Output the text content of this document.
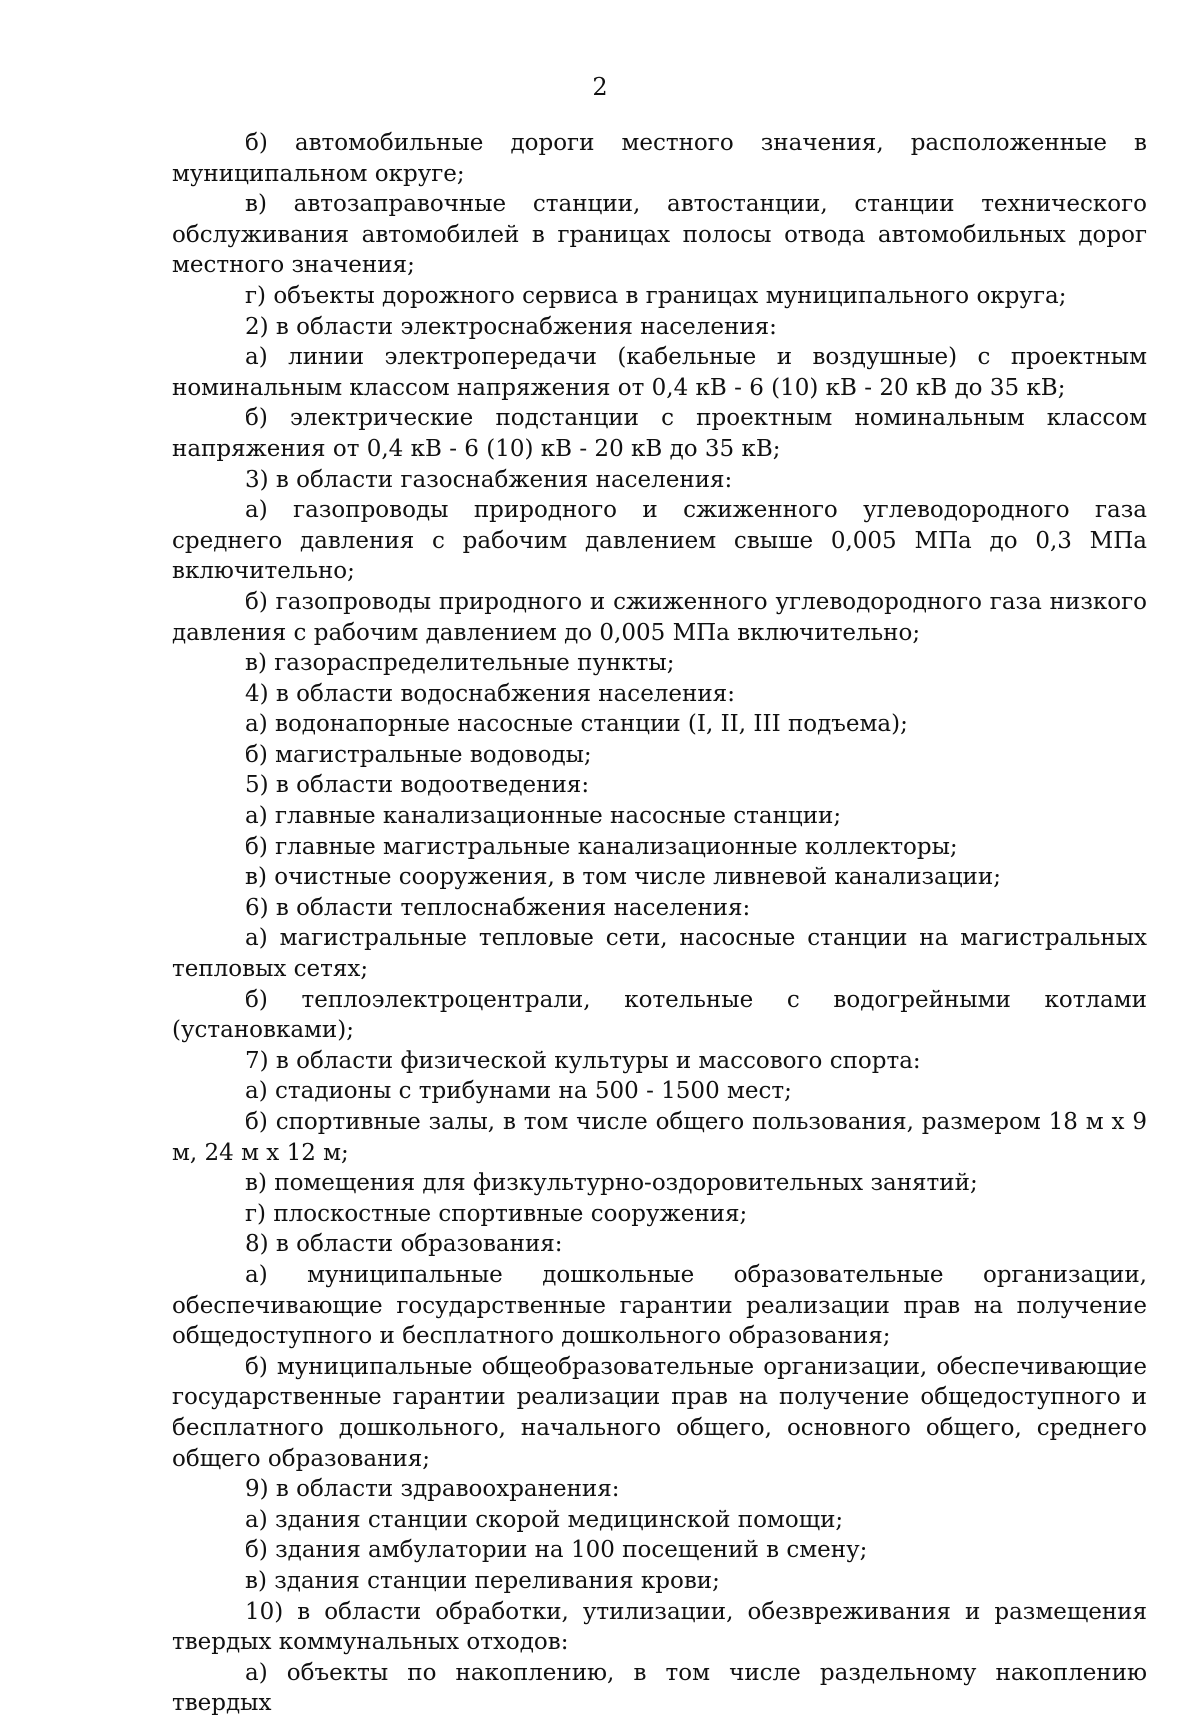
2

б) автомобильные дороги местного значения, расположенные в муниципальном округе;

в) автозаправочные станции, автостанции, станции технического обслуживания автомобилей в границах полосы отвода автомобильных дорог местного значения;

г) объекты дорожного сервиса в границах муниципального округа;

2) в области электроснабжения населения:

а) линии электропередачи (кабельные и воздушные) с проектным номинальным классом напряжения от 0,4 кВ - 6 (10) кВ - 20 кВ до 35 кВ;

б) электрические подстанции с проектным номинальным классом напряжения от 0,4 кВ - 6 (10) кВ - 20 кВ до 35 кВ;

3) в области газоснабжения населения:

а) газопроводы природного и сжиженного углеводородного газа среднего давления с рабочим давлением свыше 0,005 МПа до 0,3 МПа включительно;

б) газопроводы природного и сжиженного углеводородного газа низкого давления с рабочим давлением до 0,005 МПа включительно;

в) газораспределительные пункты;

4) в области водоснабжения населения:

а) водонапорные насосные станции (I, II, III подъема);

б) магистральные водоводы;

5) в области водоотведения:

а) главные канализационные насосные станции;

б) главные магистральные канализационные коллекторы;

в) очистные сооружения, в том числе ливневой канализации;

6) в области теплоснабжения населения:

а) магистральные тепловые сети, насосные станции на магистральных тепловых сетях;

б) теплоэлектроцентрали, котельные с водогрейными котлами (установками);

7) в области физической культуры и массового спорта:

а) стадионы с трибунами на 500 - 1500 мест;

б) спортивные залы, в том числе общего пользования, размером 18 м х 9 м, 24 м х 12 м;

в) помещения для физкультурно-оздоровительных занятий;

г) плоскостные спортивные сооружения;

8) в области образования:

а) муниципальные дошкольные образовательные организации, обеспечивающие государственные гарантии реализации прав на получение общедоступного и бесплатного дошкольного образования;

б) муниципальные общеобразовательные организации, обеспечивающие государственные гарантии реализации прав на получение общедоступного и бесплатного дошкольного, начального общего, основного общего, среднего общего образования;

9) в области здравоохранения:

а) здания станции скорой медицинской помощи;

б) здания амбулатории на 100 посещений в смену;

в) здания станции переливания крови;

10) в области обработки, утилизации, обезвреживания и размещения твердых коммунальных отходов:

а) объекты по накоплению, в том числе раздельному накоплению твердых
